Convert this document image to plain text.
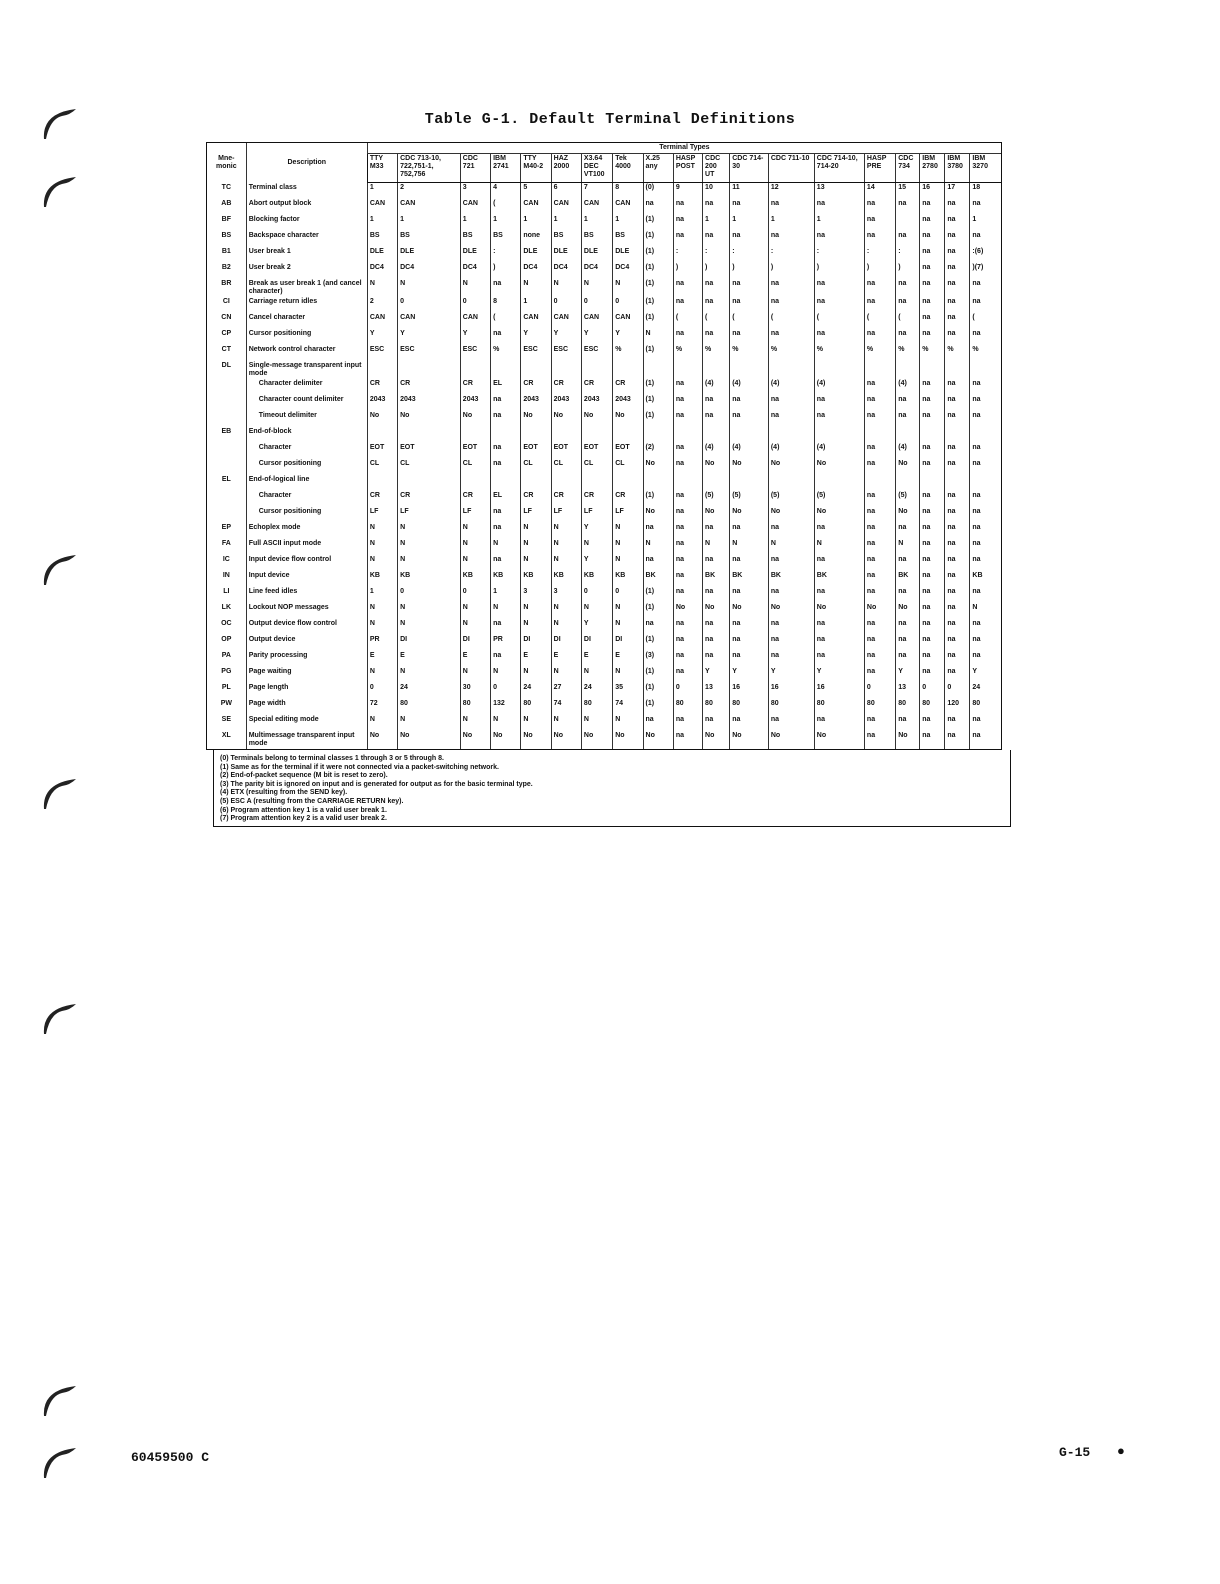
Table G-1. Default Terminal Definitions
Mne- monic	Description	Terminal Types																		
		TTY M33	CDC 713-10, 722,751-1, 752,756	CDC 721	IBM 2741	TTY M40-2	HAZ 2000	X3.64 DEC VT100	Tek 4000	X.25 any	HASP POST	CDC 200 UT	CDC 714-30	CDC 711-10	CDC 714-10, 714-20	HASP PRE	CDC 734	IBM 2780	IBM 3780	IBM 3270
TC	Terminal class	1	2	3	4	5	6	7	8	(0)	9	10	11	12	13	14	15	16	17	18
AB	Abort output block	CAN	CAN	CAN	(	CAN	CAN	CAN	CAN	na	na	na	na	na	na	na	na	na	na	na
BF	Blocking factor	1	1	1	1	1	1	1	1	(1)	na	1	1	1	1	na		na	na	1
BS	Backspace character	BS	BS	BS	BS	none	BS	BS	BS	(1)	na	na	na	na	na	na	na	na	na	na
B1	User break 1	DLE	DLE	DLE	:	DLE	DLE	DLE	DLE	(1)	:	:	:	:	:	:	:	na	na	:(6)
B2	User break 2	DC4	DC4	DC4	)	DC4	DC4	DC4	DC4	(1)	)	)	)	)	)	)	)	na	na	)(7)
BR	Break as user break 1 (and cancel character)	N	N	N	na	N	N	N	N	(1)	na	na	na	na	na	na	na	na	na	na
CI	Carriage return idles	2	0	0	8	1	0	0	0	(1)	na	na	na	na	na	na	na	na	na	na
CN	Cancel character	CAN	CAN	CAN	(	CAN	CAN	CAN	CAN	(1)	(	(	(	(	(	(	(	na	na	(
CP	Cursor positioning	Y	Y	Y	na	Y	Y	Y	Y	N	na	na	na	na	na	na	na	na	na	na
CT	Network control character	ESC	ESC	ESC	%	ESC	ESC	ESC	%	(1)	%	%	%	%	%	%	%	%	%	%
DL	Single-message transparent input mode																			
	Character delimiter	CR	CR	CR	EL	CR	CR	CR	CR	(1)	na	(4)	(4)	(4)	(4)	na	(4)	na	na	na
	Character count delimiter	2043	2043	2043	na	2043	2043	2043	2043	(1)	na	na	na	na	na	na	na	na	na	na
	Timeout delimiter	No	No	No	na	No	No	No	No	(1)	na	na	na	na	na	na	na	na	na	na
EB	End-of-block																			
	Character	EOT	EOT	EOT	na	EOT	EOT	EOT	EOT	(2)	na	(4)	(4)	(4)	(4)	na	(4)	na	na	na
	Cursor positioning	CL	CL	CL	na	CL	CL	CL	CL	No	na	No	No	No	No	na	No	na	na	na
EL	End-of-logical line																			
	Character	CR	CR	CR	EL	CR	CR	CR	CR	(1)	na	(5)	(5)	(5)	(5)	na	(5)	na	na	na
	Cursor positioning	LF	LF	LF	na	LF	LF	LF	LF	No	na	No	No	No	No	na	No	na	na	na
EP	Echoplex mode	N	N	N	na	N	N	Y	N	na	na	na	na	na	na	na	na	na	na	na
FA	Full ASCII input mode	N	N	N	N	N	N	N	N	N	na	N	N	N	N	na	N	na	na	na
IC	Input device flow control	N	N	N	na	N	N	Y	N	na	na	na	na	na	na	na	na	na	na	na
IN	Input device	KB	KB	KB	KB	KB	KB	KB	KB	BK	na	BK	BK	BK	BK	na	BK	na	na	KB
LI	Line feed idles	1	0	0	1	3	3	0	0	(1)	na	na	na	na	na	na	na	na	na	na
LK	Lockout NOP messages	N	N	N	N	N	N	N	N	(1)	No	No	No	No	No	No	No	na	na	N
OC	Output device flow control	N	N	N	na	N	N	Y	N	na	na	na	na	na	na	na	na	na	na	na
OP	Output device	PR	DI	DI	PR	DI	DI	DI	DI	(1)	na	na	na	na	na	na	na	na	na	na
PA	Parity processing	E	E	E	na	E	E	E	E	(3)	na	na	na	na	na	na	na	na	na	na
PG	Page waiting	N	N	N	N	N	N	N	N	(1)	na	Y	Y	Y	Y	na	Y	na	na	Y
PL	Page length	0	24	30	0	24	27	24	35	(1)	0	13	16	16	16	0	13	0	0	24
PW	Page width	72	80	80	132	80	74	80	74	(1)	80	80	80	80	80	80	80	80	120	80
SE	Special editing mode	N	N	N	N	N	N	N	N	na	na	na	na	na	na	na	na	na	na	na
XL	Multimessage transparent input mode	No	No	No	No	No	No	No	No	No	na	No	No	No	No	na	No	na	na	na
(0) Terminals belong to terminal classes 1 through 3 or 5 through 8.
(1) Same as for the terminal if it were not connected via a packet-switching network.
(2) End-of-packet sequence (M bit is reset to zero).
(3) The parity bit is ignored on input and is generated for output as for the basic terminal type.
(4) ETX (resulting from the SEND key).
(5) ESC A (resulting from the CARRIAGE RETURN key).
(6) Program attention key 1 is a valid user break 1.
(7) Program attention key 2 is a valid user break 2.
60459500 C	G-15 ●
